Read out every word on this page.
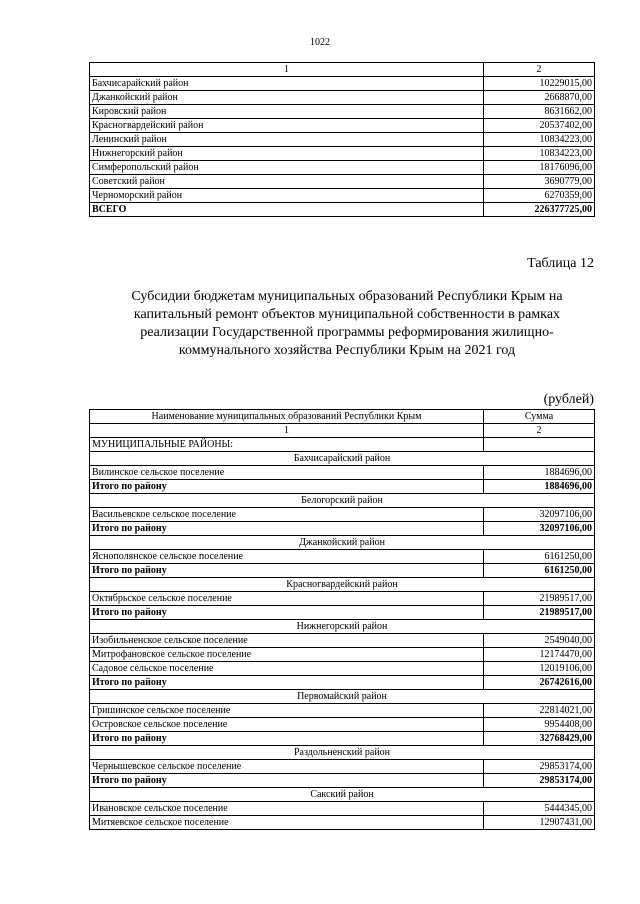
1022
1	2
Бахчисарайский район	10229015,00
Джанкойский район	2668870,00
Кировский район	8631662,00
Красногвардейский район	20537402,00
Ленинский район	10834223,00
Нижнегорский район	10834223,00
Симферопольский район	18176096,00
Советский район	3690779,00
Черноморский район	6270359,00
ВСЕГО	226377725,00
Таблица 12
Субсидии бюджетам муниципальных образований Республики Крым на капитальный ремонт объектов муниципальной собственности в рамках реализации Государственной программы реформирования жилищно-коммунального хозяйства Республики Крым на 2021 год
(рублей)
Наименование муниципальных образований Республики Крым	Сумма
1	2
МУНИЦИПАЛЬНЫЕ РАЙОНЫ:	
Бахчисарайский район	
Вилинское сельское поселение	1884696,00
Итого по району	1884696,00
Белогорский район	
Васильевское сельское поселение	32097106,00
Итого по району	32097106,00
Джанкойский район	
Яснополянское сельское поселение	6161250,00
Итого по району	6161250,00
Красногвардейский район	
Октябрьское сельское поселение	21989517,00
Итого по району	21989517,00
Нижнегорский район	
Изобильненское сельское поселение	2549040,00
Митрофановское сельское поселение	12174470,00
Садовое сельское поселение	12019106,00
Итого по району	26742616,00
Первомайский район	
Гришинское сельское поселение	22814021,00
Островское сельское поселение	9954408,00
Итого по району	32768429,00
Раздольненский район	
Чернышевское сельское поселение	29853174,00
Итого по району	29853174,00
Сакский район	
Ивановское сельское поселение	5444345,00
Митяевское сельское поселение	12907431,00
